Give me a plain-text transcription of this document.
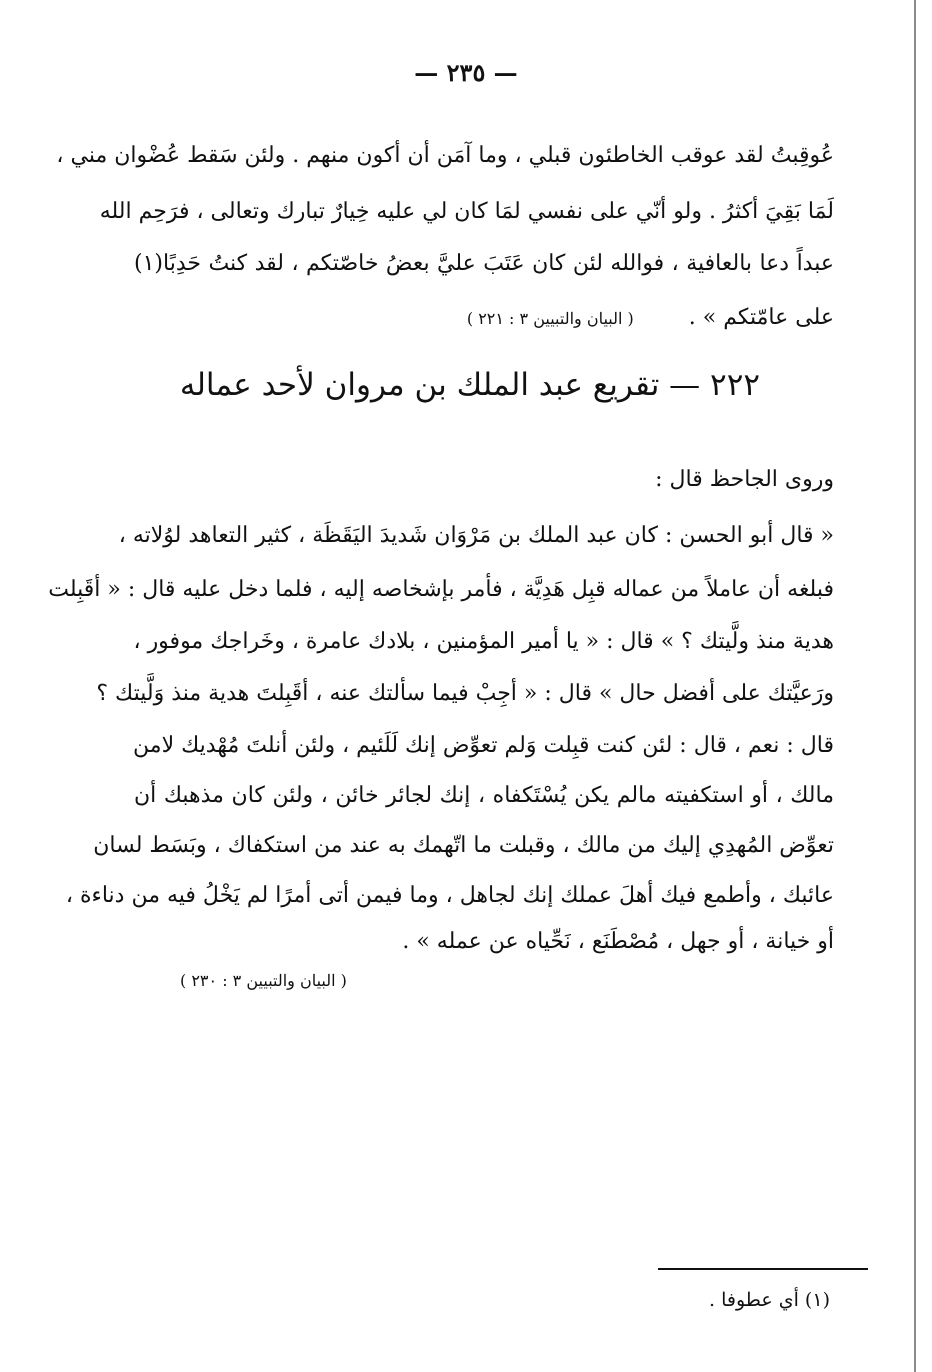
— ٢٣٥ —
عُوقِبتُ لقد عوقب الخاطئون قبلي ، وما آمَن أن أكون منهم . ولئن سَقط عُضْوان مني ،
لَمَا بَقِيَ أكثرُ . ولو أنّي على نفسي لمَا كان لي عليه خِيارٌ تبارك وتعالى ، فرَحِم الله
عبداً دعا بالعافية ، فوالله لئن كان عَتَبَ عليَّ بعضُ خاصّتكم ، لقد كنتُ حَدِبًا(١)
على عامّتكم » . ( البيان والتبيين ٣ : ٢٢١ )
٢٢٢ — تقريع عبد الملك بن مروان لأحد عماله
وروى الجاحظ قال :
« قال أبو الحسن : كان عبد الملك بن مَرْوَان شَديدَ اليَقَظَة ، كثير التعاهد لوُلاته ،
فبلغه أن عاملاً من عماله قبِل هَدِيَّة ، فأمر بإشخاصه إليه ، فلما دخل عليه قال : « أقَبِلت
هدية منذ ولَّيتك ؟ » قال : « يا أمير المؤمنين ، بلادك عامرة ، وخَراجك موفور ،
ورَعيَّتك على أفضل حال » قال : « أجِبْ فيما سألتك عنه ، أقَبِلتَ هدية منذ وَلَّيتك ؟
قال : نعم ، قال : لئن كنت قبِلت وَلم تعوِّض إنك لَلَئيم ، ولئن أنلتَ مُهْديك لامن
مالك ، أو استكفيته مالم يكن يُسْتَكفاه ، إنك لجائر خائن ، ولئن كان مذهبك أن
تعوِّض المُهدِي إليك من مالك ، وقبلت ما اتّهمك به عند من استكفاك ، وبَسَط لسان
عائبك ، وأطمع فيك أهلَ عملك إنك لجاهل ، وما فيمن أتى أمرًا لم يَخْلُ فيه من دناءة ،
أو خيانة ، أو جهل ، مُصْطَنَع ، نَحِّياه عن عمله » .
( البيان والتبيين ٣ : ٢٣٠ )
(١) أي عطوفا .
